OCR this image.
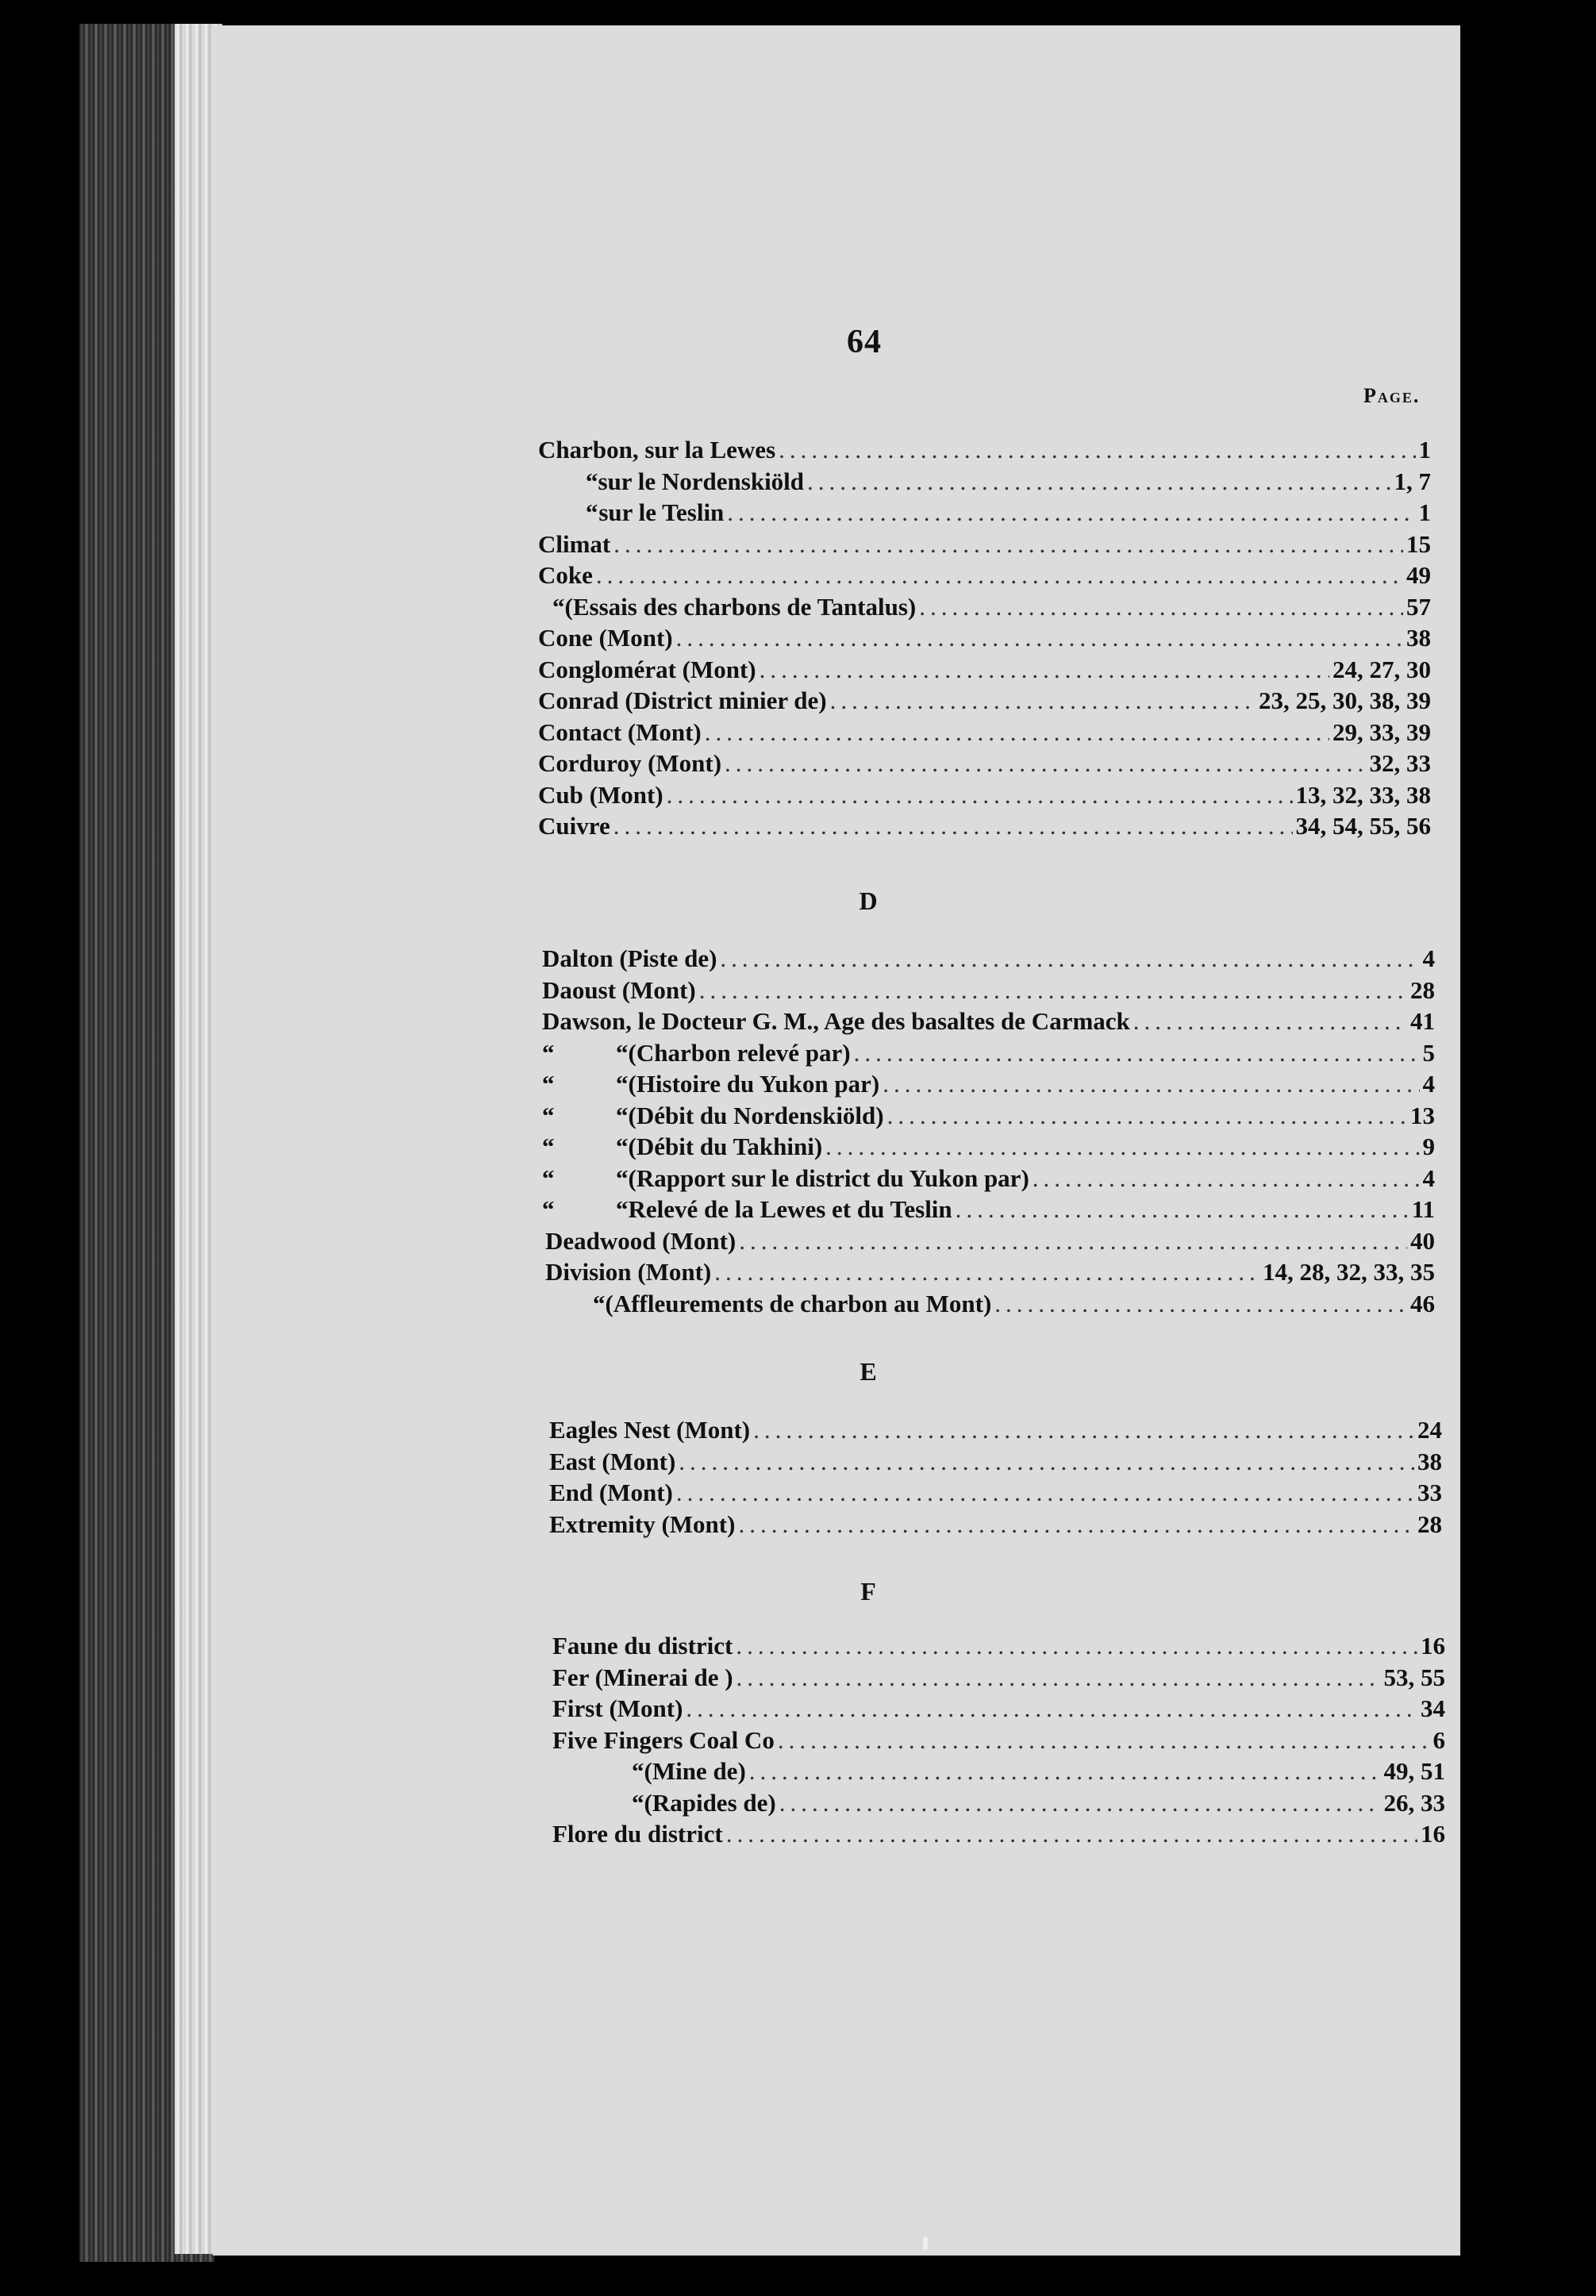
64
Page.
Charbon, sur la Lewes .....	1
“ sur le Nordenskiöld .....	1, 7
“ sur le Teslin .....	1
Climat .....	15
Coke .....	49
“ (Essais des charbons de Tantalus) .....	57
Cone (Mont) .....	38
Conglomérat (Mont) .....	24, 27, 30
Conrad (District minier de) .....	23, 25, 30, 38, 39
Contact (Mont) .....	29, 33, 39
Corduroy (Mont) .....	32, 33
Cub (Mont) .....	13, 32, 33, 38
Cuivre .....	34, 54, 55, 56
D
Dalton (Piste de) .....	4
Daoust (Mont) .....	28
Dawson, le Docteur G. M., Age des basaltes de Carmack .....	41
“          “ (Charbon relevé par) .....	5
“          “ (Histoire du Yukon par) .....	4
“          “ (Débit du Nordenskiöld) .....	13
“          “ (Débit du Takhini) .....	9
“          “ (Rapport sur le district du Yukon par) .....	4
“          “ Relevé de la Lewes et du Teslin .....	11
Deadwood (Mont) .....	40
Division (Mont) .....	14, 28, 32, 33, 35
“ (Affleurements de charbon au Mont) .....	46
E
Eagles Nest (Mont) .....	24
East (Mont) .....	38
End (Mont) .....	33
Extremity (Mont) .....	28
F
Faune du district .....	16
Fer (Minerai de ) .....	53, 55
First (Mont) .....	34
Five Fingers Coal Co .....	6
“ (Mine de) .....	49, 51
“ (Rapides de) .....	26, 33
Flore du district .....	16
